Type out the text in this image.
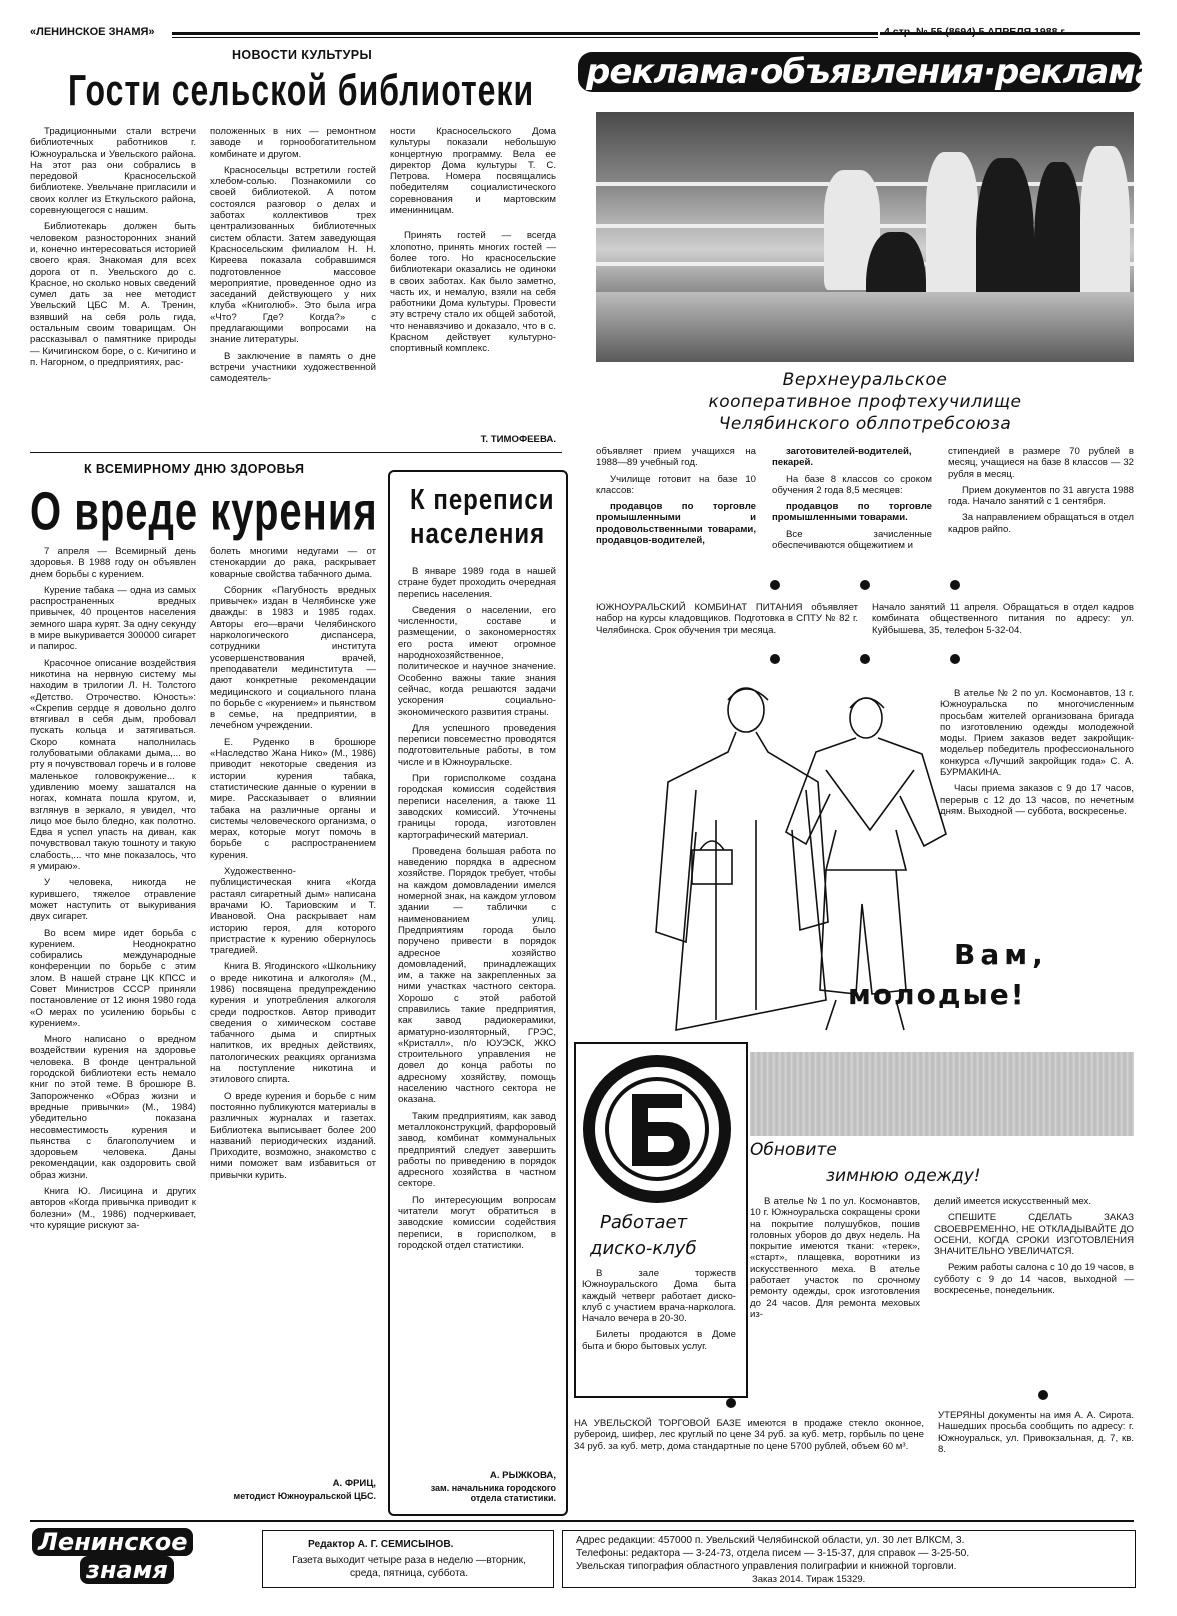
«ЛЕНИНСКОЕ ЗНАМЯ»
НОВОСТИ КУЛЬТУРЫ
Гости сельской библиотеки

Традиционными стали встречи библиотечных работников г. Южноуральска и Увельского района. На этот раз они собрались в передовой Красносельской библиотеке. Увельчане пригласили и своих коллег из Еткульского района, соревнующегося с нашим.

Библиотекарь должен быть человеком разносторонних знаний и, конечно интересоваться историей своего края. Знакомая для всех дорога от п. Увельского до с. Красное, но сколько новых сведений сумел дать за нее методист Увельский ЦБС М. А. Тренин, взявший на себя роль гида, остальным своим товарищам. Он рассказывал о памятнике природы — Кичигинском боре, о с. Кичигино и п. Нагорном, о предприятиях, рас-

положенных в них — ремонтном заводе и горнообогатительном комбинате и другом.

Красносельцы встретили гостей хлебом-солью. Познакомили со своей библиотекой. А потом состоялся разговор о делах и заботах коллективов трех централизованных библиотечных систем области. Затем заведующая Красносельским филиалом Н. Н. Киреева показала собравшимся подготовленное массовое мероприятие, проведенное одно из заседаний действующего у них клуба «Книголюб». Это была игра «Что? Где? Когда?» с предлагающими вопросами на знание литературы.

В заключение в память о дне встречи участники художественной самодеятель-

ности Красносельского Дома культуры показали небольшую концертную программу. Вела ее директор Дома культуры Т. С. Петрова. Номера посвящались победителям социалистического соревнования и мартовским именинницам.

Принять гостей — всегда хлопотно, принять многих гостей — более того. Но красносельские библиотекари оказались не одиноки в своих заботах. Как было заметно, часть их, и немалую, взяли на себя работники Дома культуры. Провести эту встречу стало их общей заботой, что ненавязчиво и доказало, что в с. Красном действует культурно-спортивный комплекс.

Т. ТИМОФЕЕВА.
К ВСЕМИРНОМУ ДНЮ ЗДОРОВЬЯ
О вреде курения

7 апреля — Всемирный день здоровья. В 1988 году он объявлен днем борьбы с курением.

Курение табака — одна из самых распространенных вредных привычек, 40 процентов населения земного шара курят. За одну секунду в мире выкуривается 300000 сигарет и папирос.

Красочное описание воздействия никотина на нервную систему мы находим в трилогии Л. Н. Толстого «Детство. Отрочество. Юность»: «Скрепив сердце я довольно долго втягивал в себя дым, пробовал пускать кольца и затягиваться. Скоро комната наполнилась голубоватыми облаками дыма,... во рту я почувствовал горечь и в голове маленькое головокружение... к удивлению моему зашатался на ногах, комната пошла кругом, и, взглянув в зеркало, я увидел, что лицо мое было бледно, как полотно. Едва я успел упасть на диван, как почувствовал такую тошноту и такую слабость,... что мне показалось, что я умираю».

У человека, никогда не курившего, тяжелое отравление может наступить от выкуривания двух сигарет.

Во всем мире идет борьба с курением. Неоднократно собирались международные конференции по борьбе с этим злом. В нашей стране ЦК КПСС и Совет Министров СССР приняли постановление от 12 июня 1980 года «О мерах по усилению борьбы с курением».

Много написано о вредном воздействии курения на здоровье человека. В фонде центральной городской библиотеки есть немало книг по этой теме. В брошюре В. Запорожченко «Образ жизни и вредные привычки» (М., 1984) убедительно показана несовместимость курения и пьянства с благополучием и здоровьем человека. Даны рекомендации, как оздоровить свой образ жизни.

Книга Ю. Лисицина и других авторов «Когда привычка приводит к болезни» (М., 1986) подчеркивает, что курящие рискуют за-

болеть многими недугами — от стенокардии до рака, раскрывает коварные свойства табачного дыма.

Сборник «Пагубность вредных привычек» издан в Челябинске уже дважды: в 1983 и 1985 годах. Авторы его—врачи Челябинского наркологического диспансера, сотрудники института усовершенствования врачей, преподаватели мединститута —дают конкретные рекомендации медицинского и социального плана по борьбе с «курением» и пьянством в семье, на предприятии, в лечебном учреждении.

Е. Руденко в брошюре «Наследство Жана Нико» (М., 1986) приводит некоторые сведения из истории курения табака, статистические данные о курении в мире. Рассказывает о влиянии табака на различные органы и системы человеческого организма, о мерах, которые могут помочь в борьбе с распространением курения.

Художественно-публицистическая книга «Когда растаял сигаретный дым» написана врачами Ю. Тариовским и Т. Ивановой. Она раскрывает нам историю героя, для которого пристрастие к курению обернулось трагедией.

Книга В. Ягодинского «Школьнику о вреде никотина и алкоголя» (М., 1986) посвящена предупреждению курения и употребления алкоголя среди подростков. Автор приводит сведения о химическом составе табачного дыма и спиртных напитков, их вредных действиях, патологических реакциях организма на поступление никотина и этилового спирта.

О вреде курения и борьбе с ним постоянно публикуются материалы в различных журналах и газетах. Библиотека выписывает более 200 названий периодических изданий. Приходите, возможно, знакомство с ними поможет вам избавиться от привычки курить.

А. ФРИЦ,
методист Южноуральской ЦБС.
К переписи
населения

В январе 1989 года в нашей стране будет проходить очередная перепись населения.

Сведения о населении, его численности, составе и размещении, о закономерностях его роста имеют огромное народнохозяйственное, политическое и научное значение. Особенно важны такие знания сейчас, когда решаются задачи ускорения социально-экономического развития страны.

Для успешного проведения переписи повсеместно проводятся подготовительные работы, в том числе и в Южноуральске.

При горисполкоме создана городская комиссия содействия переписи населения, а также 11 заводских комиссий. Уточнены границы города, изготовлен картографический материал.

Проведена большая работа по наведению порядка в адресном хозяйстве. Порядок требует, чтобы на каждом домовладении имелся номерной знак, на каждом угловом здании — таблички с наименованием улиц. Предприятиям города было поручено привести в порядок адресное хозяйство домовладений, принадлежащих им, а также на закрепленных за ними участках частного сектора. Хорошо с этой работой справились такие предприятия, как завод радиокерамики, арматурно-изоляторный, ГРЭС, «Кристалл», п/о ЮУЭСК, ЖКО строительного управления не довел до конца работы по адресному хозяйству, помощь населению частного сектора не оказана.

Таким предприятиям, как завод металлоконструкций, фарфоровый завод, комбинат коммунальных предприятий следует завершить работы по приведению в порядок адресного хозяйства в частном секторе.

По интересующим вопросам читатели могут обратиться в заводские комиссии содействия переписи, в горисполком, в городской отдел статистики.

А. РЫЖКОВА,
зам. начальника городского отдела статистики.
реклама·объявления·реклама
Верхнеуральское
кооперативное профтехучилище
Челябинского облпотребсоюза

объявляет прием учащихся на 1988—89 учебный год.

Училище готовит на базе 10 классов:

продавцов по торговле промышленными и продовольственными товарами, продавцов-водителей,

заготовителей-водителей, пекарей.

На базе 8 классов со сроком обучения 2 года 8,5 месяцев:

продавцов по торговле промышленными товарами.

Все зачисленные обеспечиваются общежитием и

стипендией в размере 70 рублей в месяц, учащиеся на базе 8 классов — 32 рубля в месяц.

Прием документов по 31 августа 1988 года. Начало занятий с 1 сентября.

За направлением обращаться в отдел кадров райпо.

ЮЖНОУРАЛЬСКИЙ КОМБИНАТ ПИТАНИЯ объявляет набор на курсы кладовщиков. Подготовка в СПТУ № 82 г. Челябинска. Срок обучения три месяца.
Начало занятий 11 апреля. Обращаться в отдел кадров комбината общественного питания по адресу: ул. Куйбышева, 35, телефон 5-32-04.

В ателье № 2 по ул. Космонавтов, 13 г. Южноуральска по многочисленным просьбам жителей организована бригада по изготовлению одежды молодежной моды. Прием заказов ведет закройщик-модельер победитель профессионального конкурса «Лучший закройщик года» С. А. БУРМАКИНА.

Часы приема заказов с 9 до 17 часов, перерыв с 12 до 13 часов, по нечетным дням. Выходной — суббота, воскресенье.

Вам,
молодые!
Работает
диско-клуб

В зале торжеств Южноуральского Дома быта каждый четверг работает диско-клуб с участием врача-нарколога. Начало вечера в 20-30.

Билеты продаются в Доме быта и бюро бытовых услуг.

Обновите
зимнюю одежду!

В ателье № 1 по ул. Космонавтов, 10 г. Южноуральска сокращены сроки на покрытие полушубков, пошив головных уборов до двух недель. На покрытие имеются ткани: «терек», «старт», плащевка, воротники из искусственного меха. В ателье работает участок по срочному ремонту одежды, срок изготовления до 24 часов. Для ремонта меховых из-

делий имеется искусственный мех.

СПЕШИТЕ СДЕЛАТЬ ЗАКАЗ СВОЕВРЕМЕННО, НЕ ОТКЛАДЫВАЙТЕ ДО ОСЕНИ, КОГДА СРОКИ ИЗГОТОВЛЕНИЯ ЗНАЧИТЕЛЬНО УВЕЛИЧАТСЯ.

Режим работы салона с 10 до 19 часов, в субботу с 9 до 14 часов, выходной — воскресенье, понедельник.

НА УВЕЛЬСКОЙ ТОРГОВОЙ БАЗЕ имеются в продаже стекло оконное, рубероид, шифер, лес круглый по цене 34 руб. за куб. метр, горбыль по цене 34 руб. за куб. метр, дома стандартные по цене 5700 рублей, объем 60 м³.
УТЕРЯНЫ документы на имя А. А. Сирота. Нашедших просьба сообщить по адресу: г. Южноуральск, ул. Привокзальная, д. 7, кв. 8.
Ленинское
знамя
Редактор А. Г. СЕМИСЫНОВ.
Газета выходит четыре раза в неделю —вторник, среда, пятница, суббота.
Адрес редакции: 457000 п. Увельский Челябинской области, ул. 30 лет ВЛКСМ, 3.
Телефоны: редактора — 3-24-73, отдела писем — 3-15-37, для справок — 3-25-50.
Увельская типография областного управления полиграфии и книжной торговли.
Заказ 2014. Тираж 15329.
